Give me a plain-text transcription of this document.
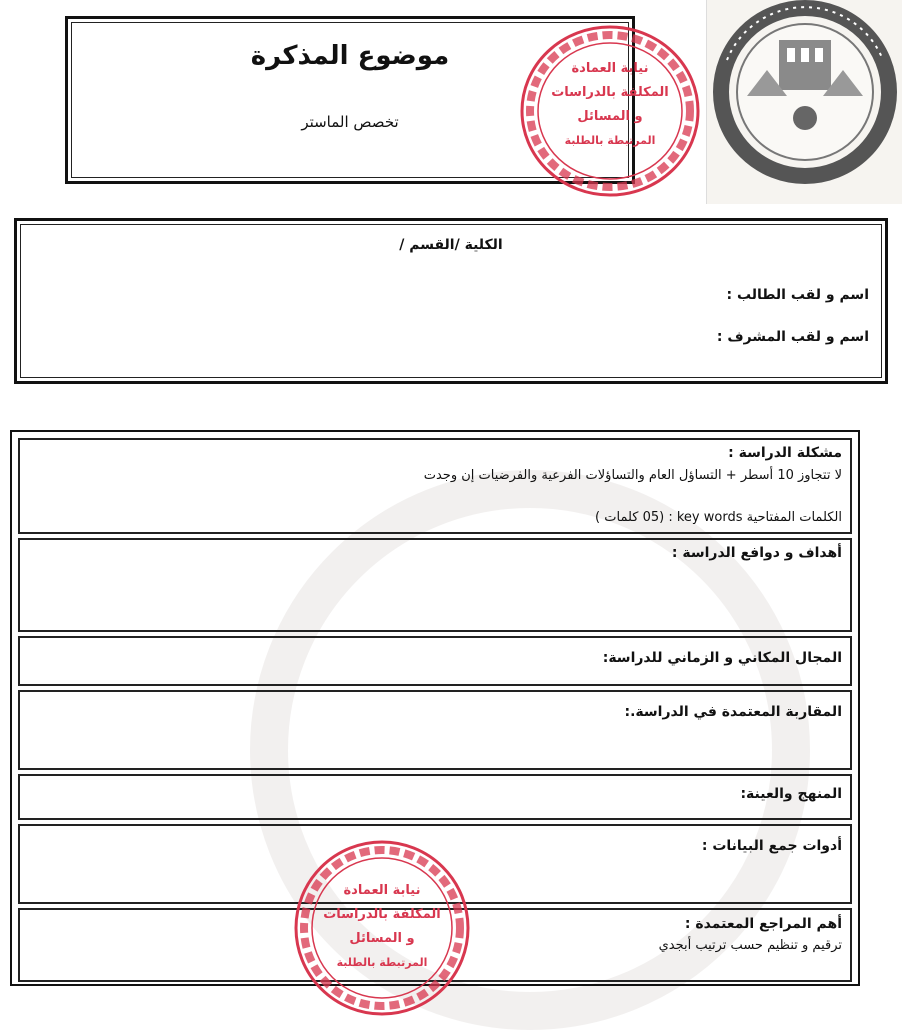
موضوع المذكرة
تخصص الماستر
الكلية /القسم /
اسم و لقب الطالب :
اسم و لقب المشرف :
مشكلة الدراسة :
لا تتجاوز 10 أسطر + التساؤل العام والتساؤلات الفرعية والفرضيات إن وجدت
الكلمات المفتاحية key words : (05 كلمات )
أهداف و دوافع الدراسة :
المجال المكاني و الزماني للدراسة:
المقاربة المعتمدة في الدراسة.:
المنهج والعينة:
أدوات جمع البيانات :
أهم المراجع المعتمدة :
ترقيم و تنظيم حسب ترتيب أبجدي
نيابة العمادة
المكلفة بالدراسات
و المسائل
المرتبطة بالطلبة
نيابة العمادة
المكلفة بالدراسات
و المسائل
المرتبطة بالطلبة
